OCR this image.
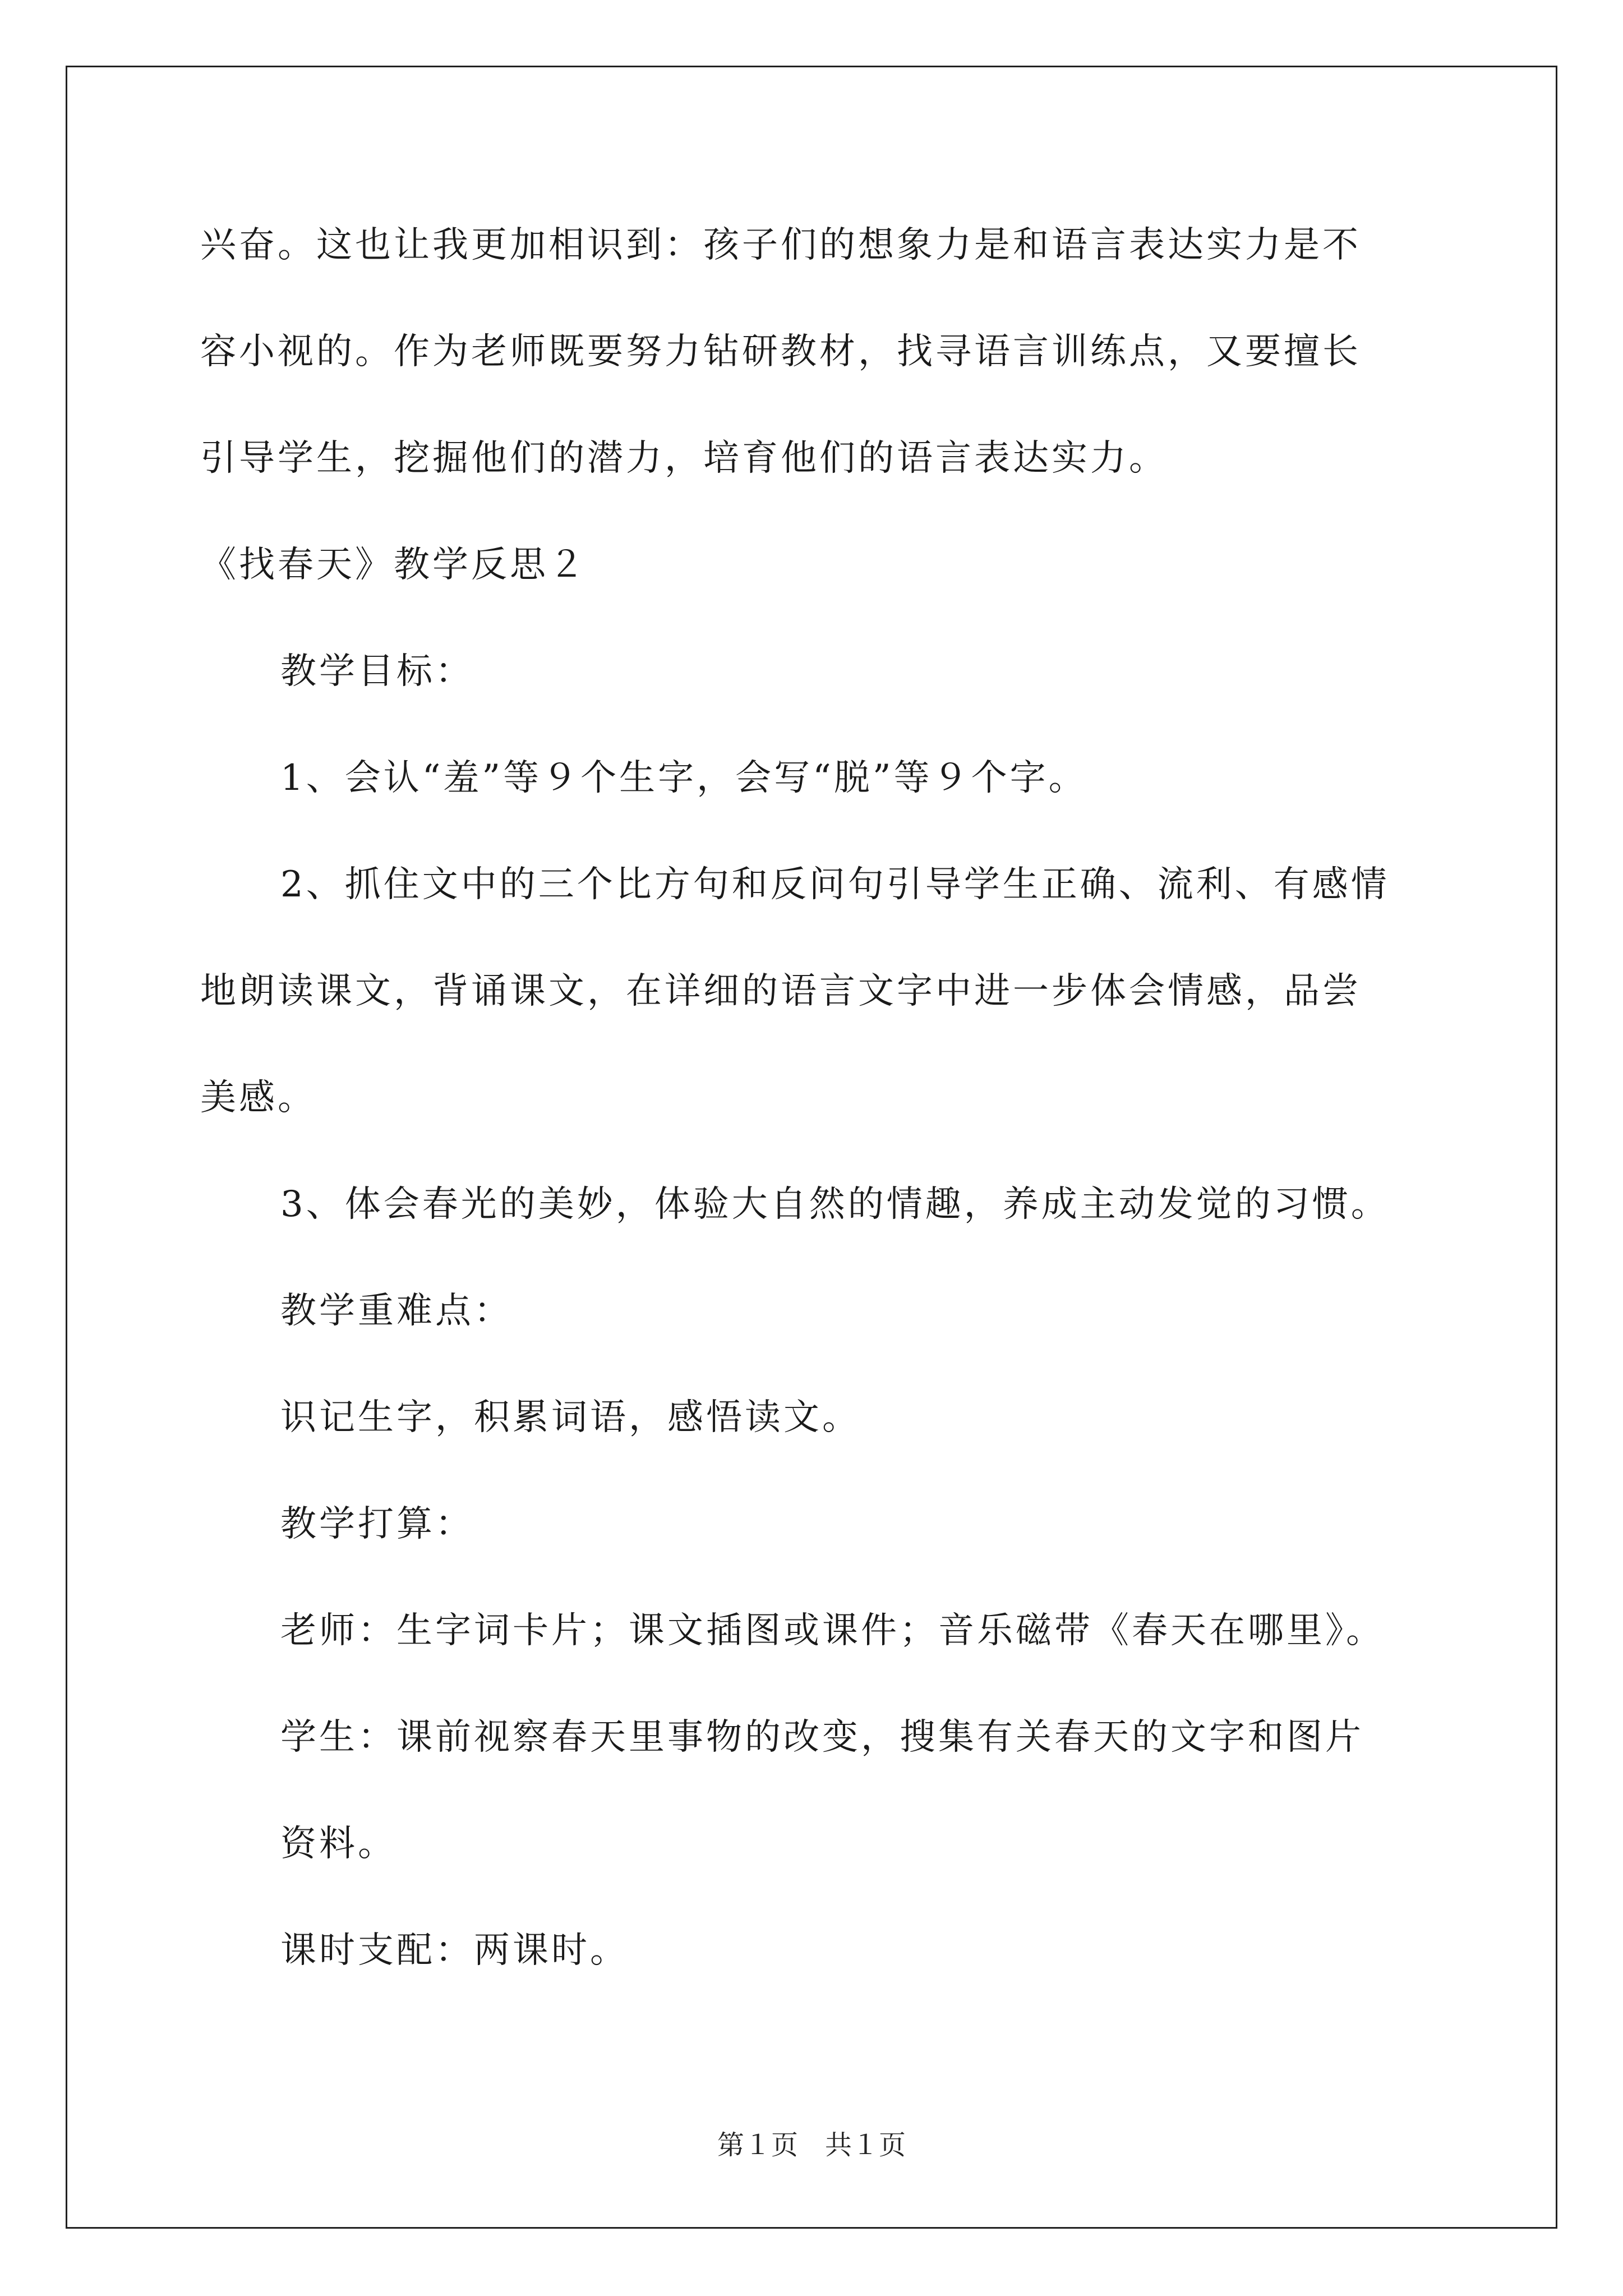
兴奋。这也让我更加相识到：孩子们的想象力是和语言表达实力是不

容小视的。作为老师既要努力钻研教材，找寻语言训练点，又要擅长

引导学生，挖掘他们的潜力，培育他们的语言表达实力。

《找春天》教学反思２

教学目标：

1、会认“羞”等９个生字，会写“脱”等９个字。

2、抓住文中的三个比方句和反问句引导学生正确、流利、有感情

地朗读课文，背诵课文，在详细的语言文字中进一步体会情感，品尝

美感。

3、体会春光的美妙，体验大自然的情趣，养成主动发觉的习惯。

教学重难点：

识记生字，积累词语，感悟读文。

教学打算：

老师：生字词卡片；课文插图或课件；音乐磁带《春天在哪里》。

学生：课前视察春天里事物的改变，搜集有关春天的文字和图片

资料。

课时支配：两课时。

第１页　共１页
